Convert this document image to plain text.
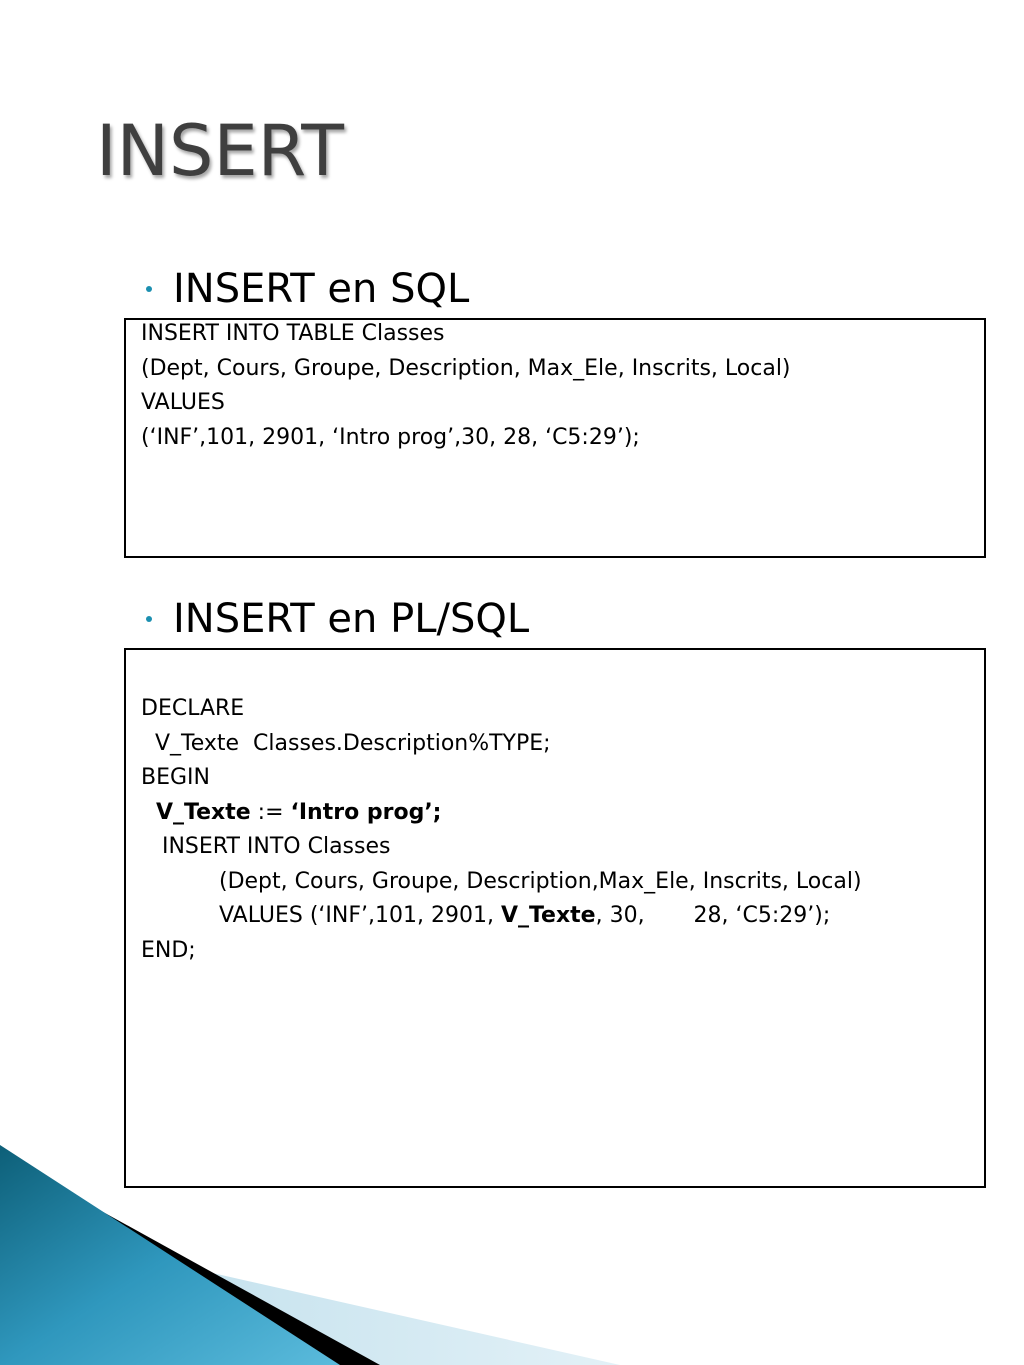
INSERT
INSERT en SQL
INSERT INTO TABLE Classes
(Dept, Cours, Groupe, Description, Max_Ele, Inscrits, Local)
VALUES
(‘INF’,101, 2901, ‘Intro prog’,30, 28, ‘C5:29’);
INSERT en PL/SQL
DECLARE
V_Texte  Classes.Description%TYPE;
BEGIN
V_Texte := ‘Intro prog’;
INSERT INTO Classes
(Dept, Cours, Groupe, Description,Max_Ele, Inscrits, Local)
VALUES (‘INF’,101, 2901, V_Texte, 30,       28, ‘C5:29’);
END;
